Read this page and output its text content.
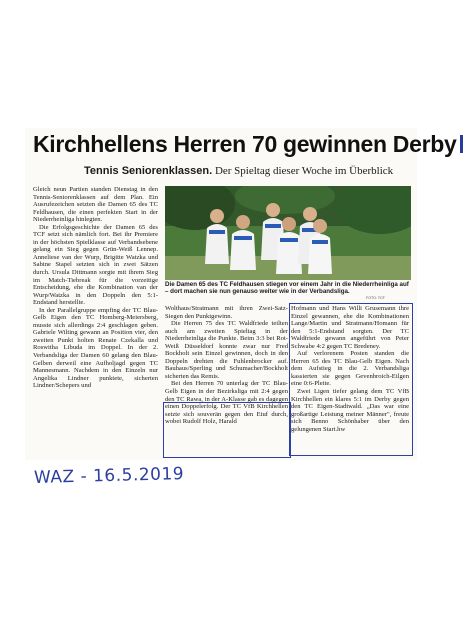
Kirchhellens Herren 70 gewinnen Derby
Tennis Seniorenklassen. Der Spieltag dieser Woche im Überblick

Gleich neun Partien standen Dienstag in den Tennis-Seniorenklassen auf dem Plan. Ein Ausrufezeichen setzten die Damen 65 des TC Feldhausen, die einen perfekten Start in der Niederrheinliga hinlegten.

Die Erfolgsgeschichte der Damen 65 des TCF setzt sich nämlich fort. Bei ihr Premiere in der höchsten Spielklasse auf Verbandsebene gelang ein Sieg gegen Grün-Weiß Lennep. Anneliese van der Wurp, Brigitte Watzka und Sabine Stapel setzten sich in zwei Sätzen durch. Ursula Dittmann sorgte mit ihrem Sieg im Match-Tiebreak für die vorzeitige Entscheidung, ehe die Kombination van der Wurp/Watzka in den Doppeln den 5:1-Endstand herstellte.

In der Parallelgruppe empfing der TC Blau-Gelb Eigen den TC Homberg-Meiersberg, musste sich allerdings 2:4 geschlagen geben. Gabriele Wilting gewann an Position vier, den zweiten Punkt holten Renate Czekalla und Roswitha Libuda im Doppel. In der 2. Verbandsliga der Damen 60 gelang den Blau-Gelben derweil eine Aufholjagd gegen TC Mannesmann. Nachdem in den Einzeln nur Angelika Lindner punktete, sicherten Lindner/Schepers und

Die Damen 65 des TC Feldhausen stiegen vor einem Jahr in die Niederrheinliga auf – dort machen sie nun genauso weiter wie in der Verbandsliga.
FOTO: TCF

Wolthaus/Stratmann mit ihren Zwei-Satz-Siegen den Punktgewinn.

Die Herren 75 des TC Waldfriede teilten auch am zweiten Spieltag in der Niederrheinliga die Punkte. Beim 3:3 bei Rot-Weiß Düsseldorf konnte zwar nur Fred Bockholt sein Einzel gewinnen, doch in den Doppeln drehten die Fuhlenbrocker auf. Bauhaus/Sperling und Schumacher/Bockholt sicherten das Remis.

Bei den Herren 70 unterlag der TC Blau-Gelb Eigen in der Bezirksliga mit 2:4 gegen den TC Rawa, in der A-Klasse gab es dagegen einen Doppelerfolg. Der TC VfB Kirchhellen setzte sich souverän gegen den Etuf durch, wobei Rudolf Holz, Harald

Hofmann und Hans Willi Grusemann ihre Einzel gewannen, ehe die Kombinationen Lange/Martin und Stratmann/Homann für den 5:1-Endstand sorgten. Der TC Waldfriede gewann angeführt von Peter Schwabe 4:2 gegen TC Bredeney.

Auf verlorenem Posten standen die Herren 65 des TC Blau-Gelb Eigen. Nach dem Aufstieg in die 2. Verbandsliga kassierten sie gegen Gevenbroich-Eilgen eine 0:6-Pleite.

Zwei Ligen tiefer gelang dem TC VfB Kirchhellen ein klares 5:1 im Derby gegen den TC Eigen-Stadtwald. „Das war eine großartige Leistung meiner Männer", freute sich Benno Schönhaber über den gelungenen Start.hw

WAZ - 16.5.2019
